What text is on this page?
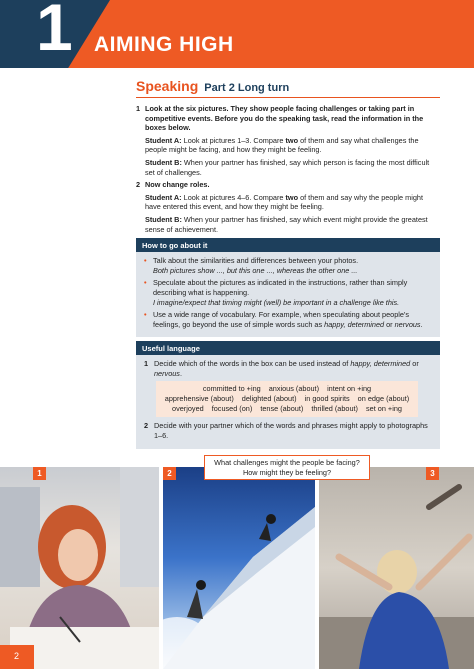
1 AIMING HIGH
Speaking Part 2 Long turn
1 Look at the six pictures. They show people facing challenges or taking part in competitive events. Before you do the speaking task, read the information in the boxes below.

Student A: Look at pictures 1–3. Compare two of them and say what challenges the people might be facing, and how they might be feeling.

Student B: When your partner has finished, say which person is facing the most difficult set of challenges.

2 Now change roles.

Student A: Look at pictures 4–6. Compare two of them and say why the people might have entered this event, and how they might be feeling.

Student B: When your partner has finished, say which event might provide the greatest sense of achievement.

How to go about it
• Talk about the similarities and differences between your photos.
Both pictures show ..., but this one ..., whereas the other one ...
• Speculate about the pictures as indicated in the instructions, rather than simply describing what is happening.
I imagine/expect that timing might (well) be important in a challenge like this.
• Use a wide range of vocabulary. For example, when speculating about people's feelings, go beyond the use of simple words such as happy, determined or nervous.
Useful language
1 Decide which of the words in the box can be used instead of happy, determined or nervous.
committed to +ing anxious (about) intent on +ing
apprehensive (about) delighted (about) in good spirits on edge (about)
overjoyed focused (on) tense (about) thrilled (about) set on +ing
2 Decide with your partner which of the words and phrases might apply to photographs 1–6.
1	2	3
What challenges might the people be facing?
How might they be feeling?
2
